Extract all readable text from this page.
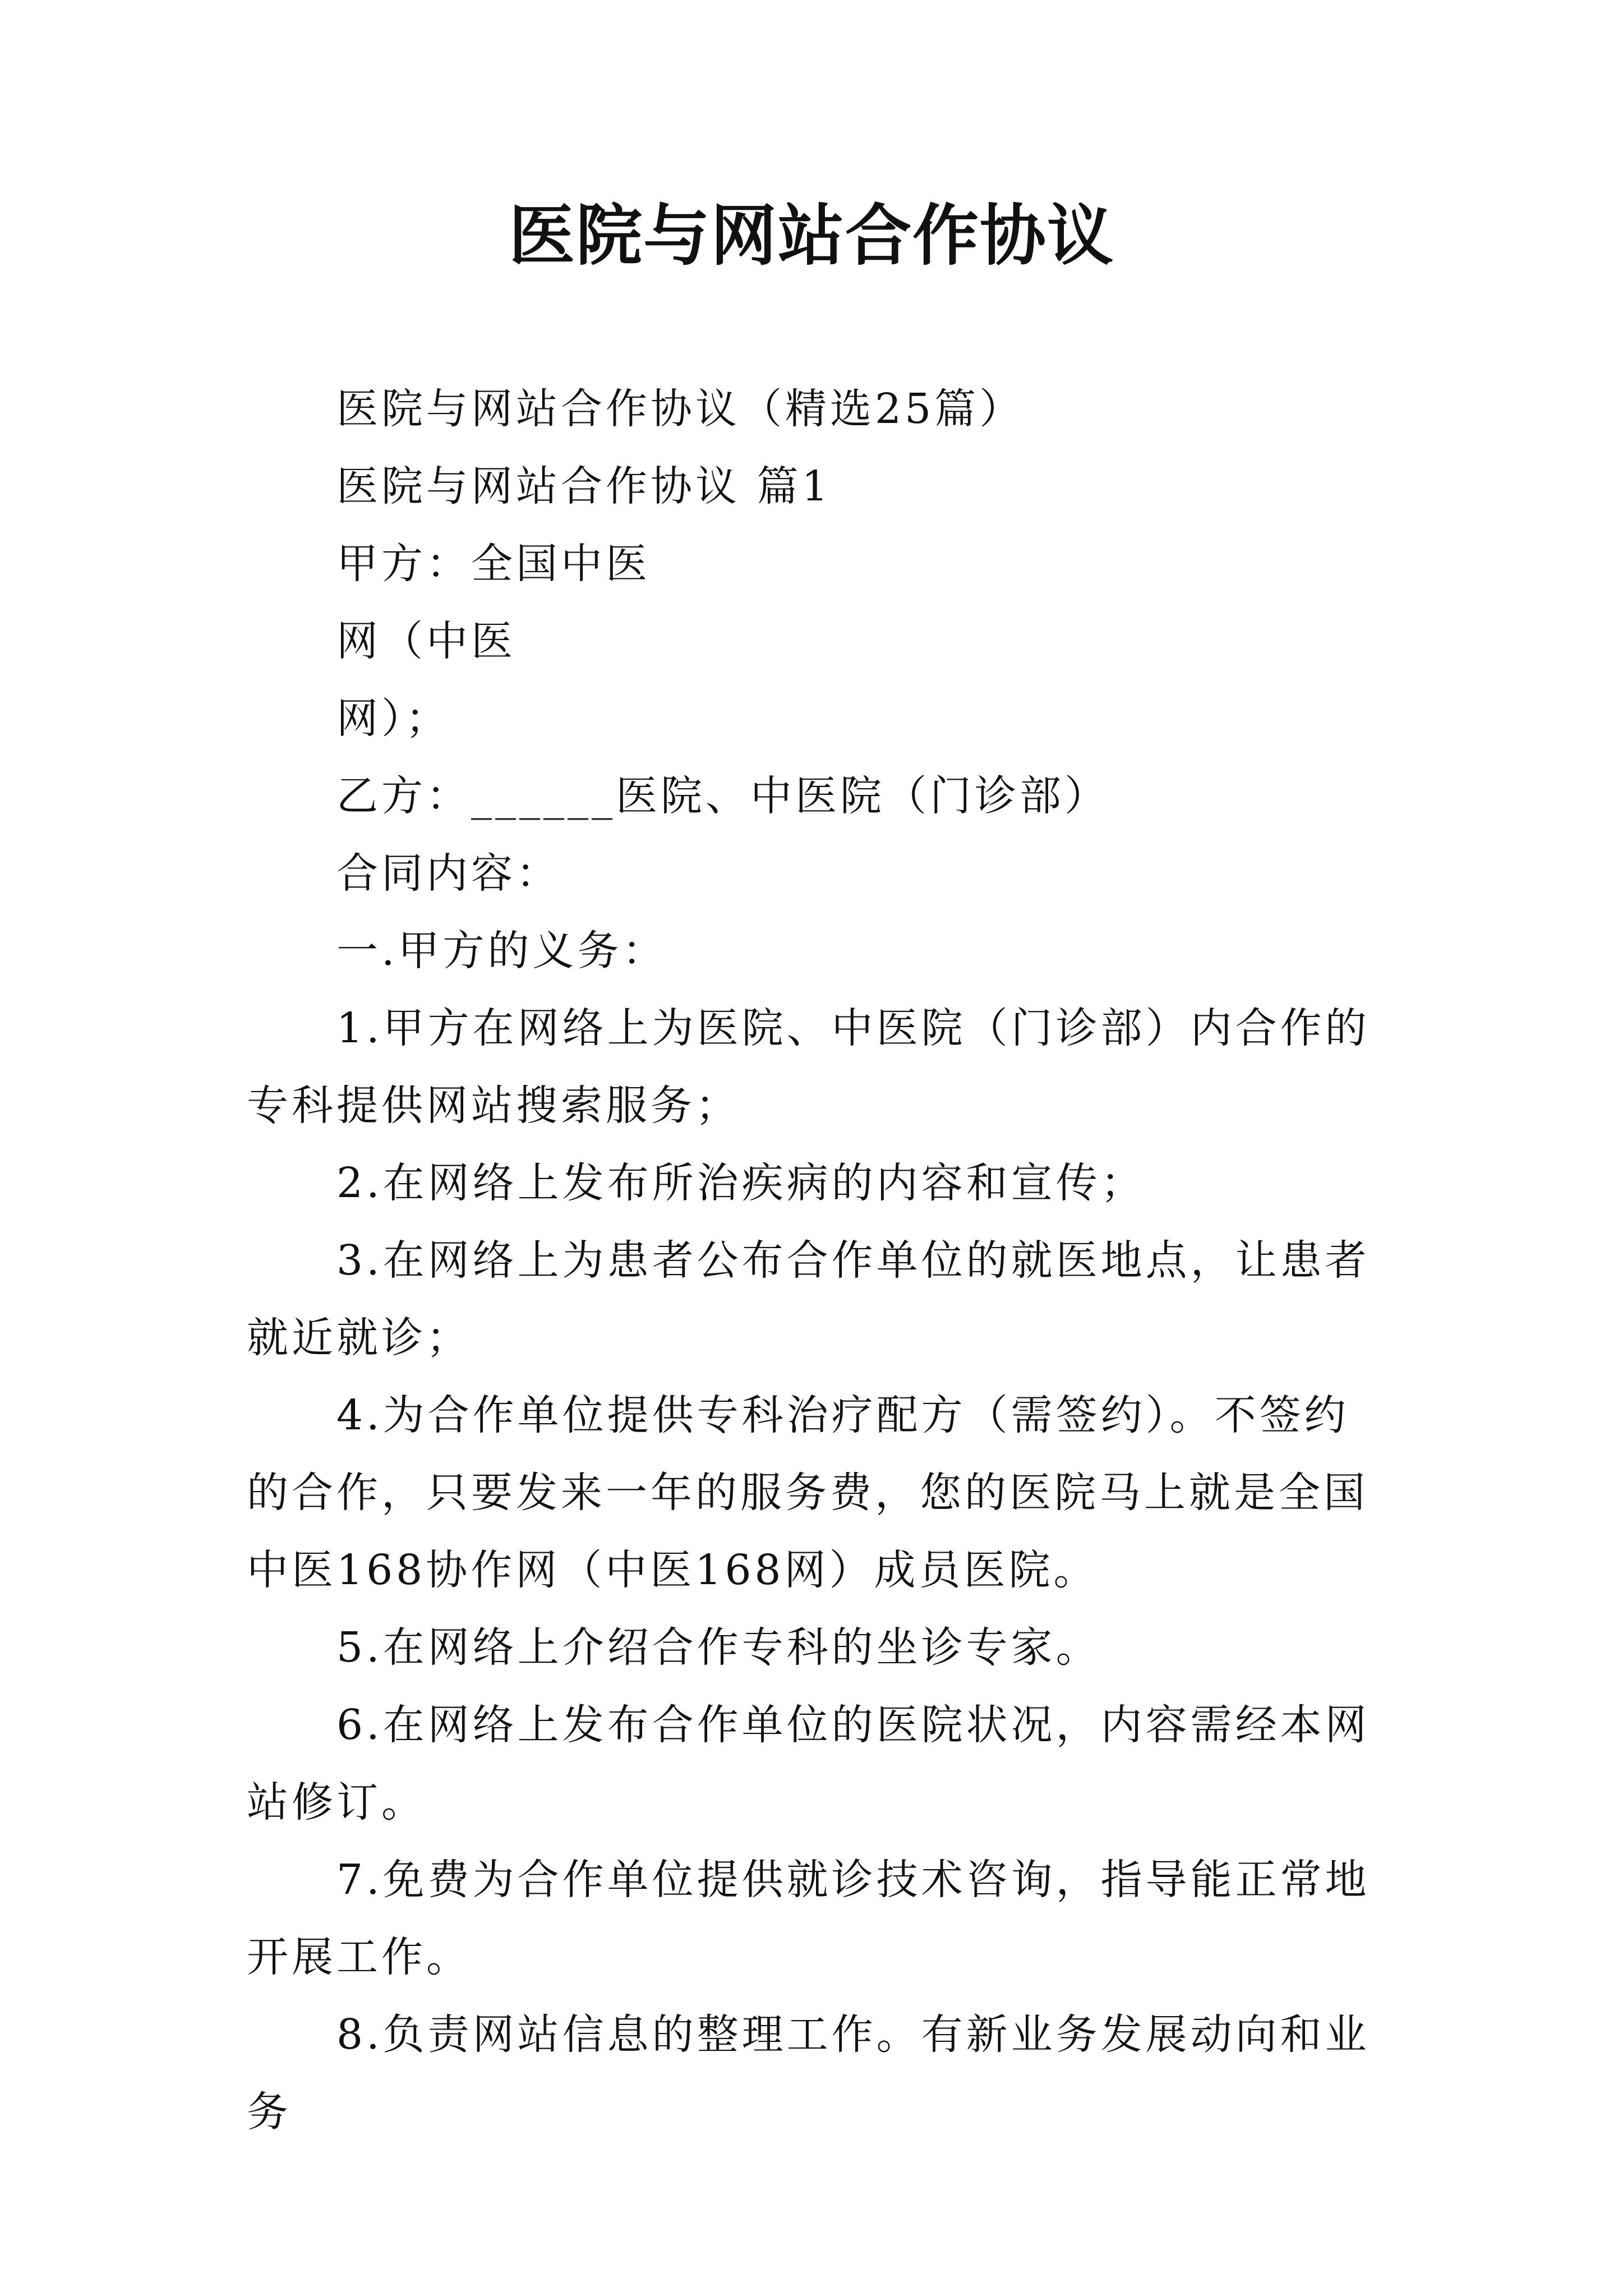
医院与网站合作协议

医院与网站合作协议（精选25篇）

医院与网站合作协议 篇1

甲方：全国中医

网（中医

网）；

乙方：______医院、中医院（门诊部）

合同内容：

一.甲方的义务：

1.甲方在网络上为医院、中医院（门诊部）内合作的专科提供网站搜索服务；

2.在网络上发布所治疾病的内容和宣传；

3.在网络上为患者公布合作单位的就医地点，让患者就近就诊；

4.为合作单位提供专科治疗配方（需签约）。不签约的合作，只要发来一年的服务费，您的医院马上就是全国中医168协作网（中医168网）成员医院。

5.在网络上介绍合作专科的坐诊专家。

6.在网络上发布合作单位的医院状况，内容需经本网站修订。

7.免费为合作单位提供就诊技术咨询，指导能正常地开展工作。

8.负责网站信息的整理工作。有新业务发展动向和业务
